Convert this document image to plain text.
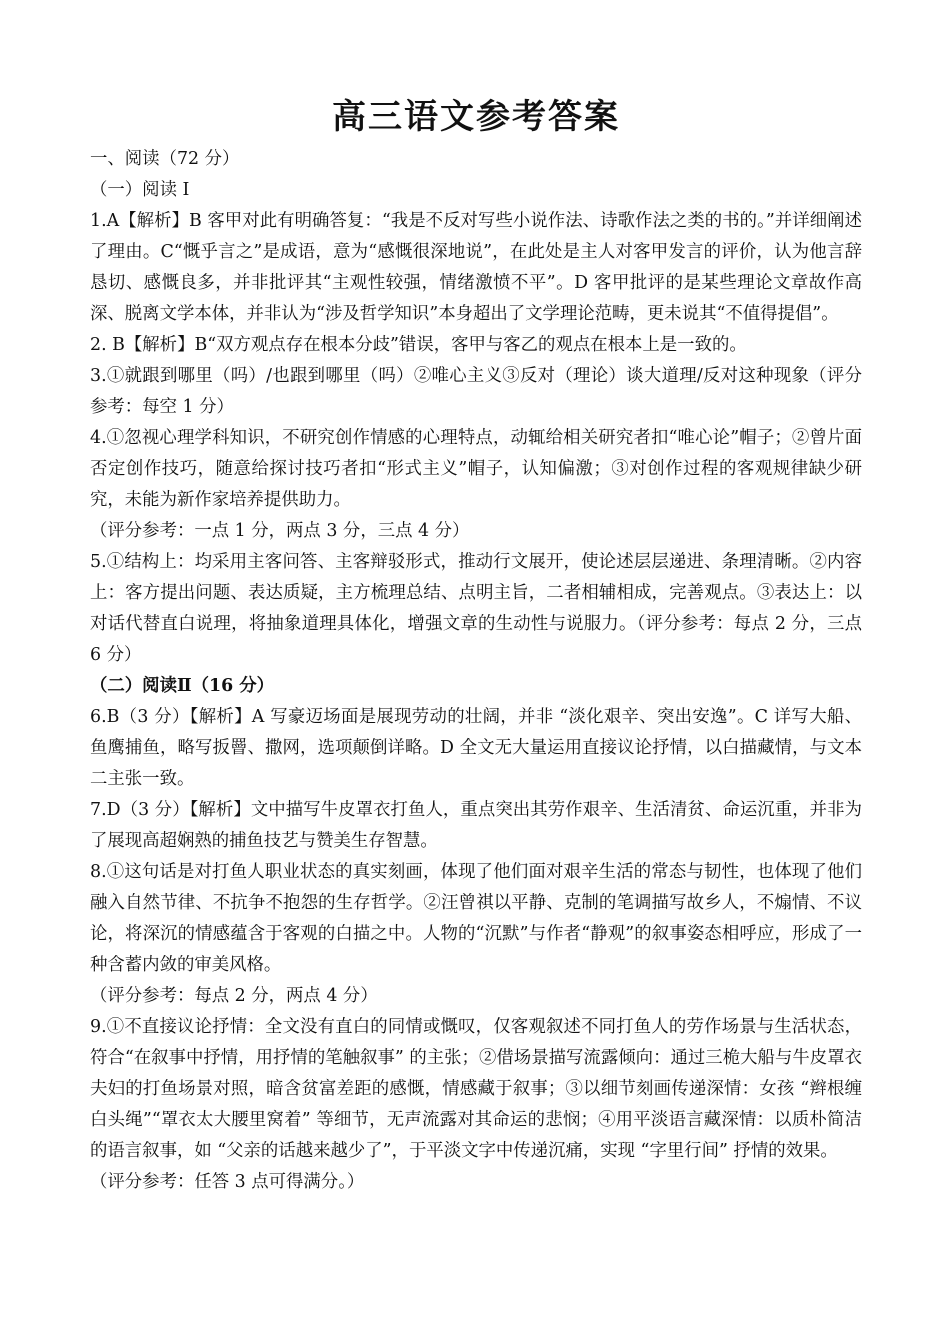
高三语文参考答案

一、阅读（72 分）

（一）阅读 I

1.A【解析】B 客甲对此有明确答复：“我是不反对写些小说作法、诗歌作法之类的书的。”并详细阐述了理由。C“慨乎言之”是成语，意为“感慨很深地说”，在此处是主人对客甲发言的评价，认为他言辞恳切、感慨良多，并非批评其“主观性较强，情绪激愤不平”。D 客甲批评的是某些理论文章故作高深、脱离文学本体，并非认为“涉及哲学知识”本身超出了文学理论范畴，更未说其“不值得提倡”。

2. B【解析】B“双方观点存在根本分歧”错误，客甲与客乙的观点在根本上是一致的。

3.①就跟到哪里（吗）/也跟到哪里（吗）②唯心主义③反对（理论）谈大道理/反对这种现象（评分参考：每空 1 分）

4.①忽视心理学科知识，不研究创作情感的心理特点，动辄给相关研究者扣“唯心论”帽子；②曾片面否定创作技巧，随意给探讨技巧者扣“形式主义”帽子，认知偏激；③对创作过程的客观规律缺少研究，未能为新作家培养提供助力。

（评分参考：一点 1 分，两点 3 分，三点 4 分）

5.①结构上：均采用主客问答、主客辩驳形式，推动行文展开，使论述层层递进、条理清晰。②内容上：客方提出问题、表达质疑，主方梳理总结、点明主旨，二者相辅相成，完善观点。③表达上：以对话代替直白说理，将抽象道理具体化，增强文章的生动性与说服力。（评分参考：每点 2 分，三点 6 分）

（二）阅读Ⅱ（16 分）

6.B（3 分）【解析】A 写豪迈场面是展现劳动的壮阔，并非 “淡化艰辛、突出安逸”。C 详写大船、鱼鹰捕鱼，略写扳罾、撒网，选项颠倒详略。D 全文无大量运用直接议论抒情，以白描藏情，与文本二主张一致。

7.D（3 分）【解析】文中描写牛皮罩衣打鱼人，重点突出其劳作艰辛、生活清贫、命运沉重，并非为了展现高超娴熟的捕鱼技艺与赞美生存智慧。

8.①这句话是对打鱼人职业状态的真实刻画，体现了他们面对艰辛生活的常态与韧性，也体现了他们融入自然节律、不抗争不抱怨的生存哲学。②汪曾祺以平静、克制的笔调描写故乡人，不煽情、不议论，将深沉的情感蕴含于客观的白描之中。人物的“沉默”与作者“静观”的叙事姿态相呼应，形成了一种含蓄内敛的审美风格。

（评分参考：每点 2 分，两点 4 分）

9.①不直接议论抒情：全文没有直白的同情或慨叹，仅客观叙述不同打鱼人的劳作场景与生活状态，符合“在叙事中抒情，用抒情的笔触叙事” 的主张；②借场景描写流露倾向：通过三桅大船与牛皮罩衣夫妇的打鱼场景对照，暗含贫富差距的感慨，情感藏于叙事；③以细节刻画传递深情：女孩 “辫根缠白头绳”“罩衣太大腰里窝着” 等细节，无声流露对其命运的悲悯；④用平淡语言藏深情：以质朴简洁的语言叙事，如 “父亲的话越来越少了”，于平淡文字中传递沉痛，实现 “字里行间” 抒情的效果。

（评分参考：任答 3 点可得满分。）
